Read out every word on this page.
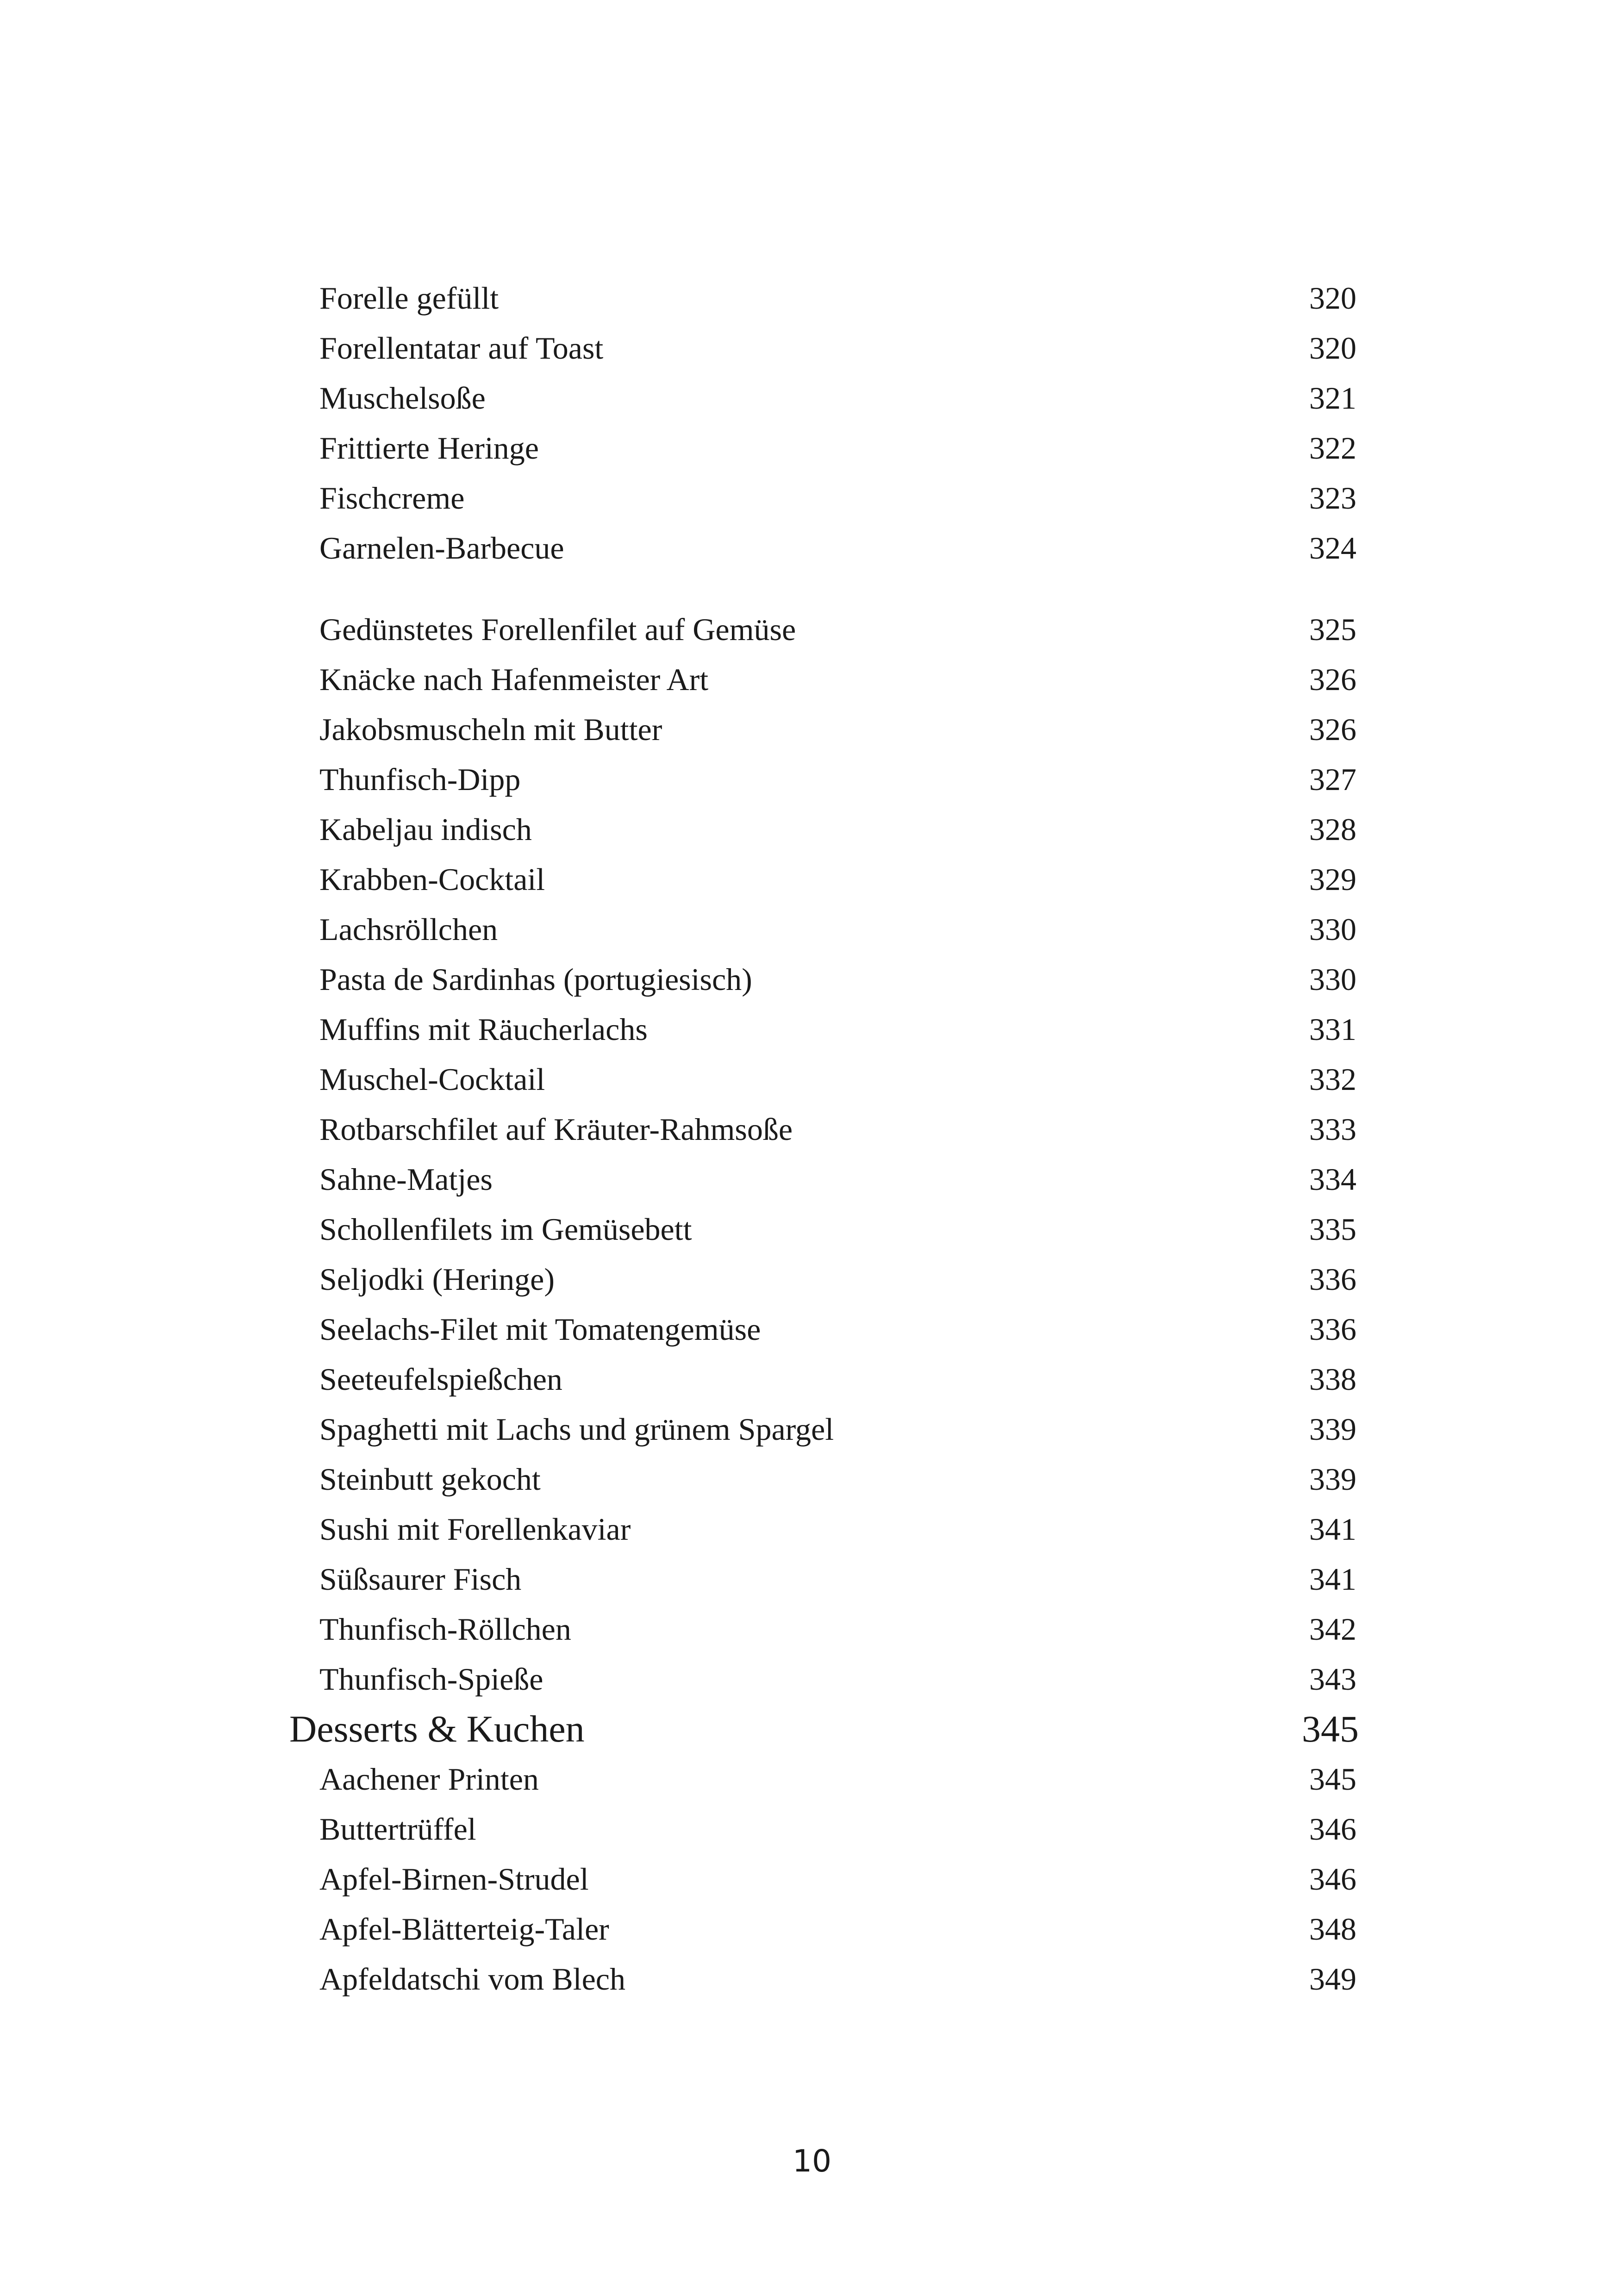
Forelle gefüllt	320
Forellentatar auf Toast	320
Muschelsoße	321
Frittierte Heringe	322
Fischcreme	323
Garnelen-Barbecue	324
Gedünstetes Forellenfilet auf Gemüse	325
Knäcke nach Hafenmeister Art	326
Jakobsmuscheln mit Butter	326
Thunfisch-Dipp	327
Kabeljau indisch	328
Krabben-Cocktail	329
Lachsröllchen	330
Pasta de Sardinhas (portugiesisch)	330
Muffins mit Räucherlachs	331
Muschel-Cocktail	332
Rotbarschfilet auf Kräuter-Rahmsoße	333
Sahne-Matjes	334
Schollenfilets im Gemüsebett	335
Seljodki (Heringe)	336
Seelachs-Filet mit Tomatengemüse	336
Seeteufelspießchen	338
Spaghetti mit Lachs und grünem Spargel	339
Steinbutt gekocht	339
Sushi mit Forellenkaviar	341
Süßsaurer Fisch	341
Thunfisch-Röllchen	342
Thunfisch-Spieße	343
Desserts & Kuchen	345
Aachener Printen	345
Buttertrüffel	346
Apfel-Birnen-Strudel	346
Apfel-Blätterteig-Taler	348
Apfeldatschi vom Blech	349
10
